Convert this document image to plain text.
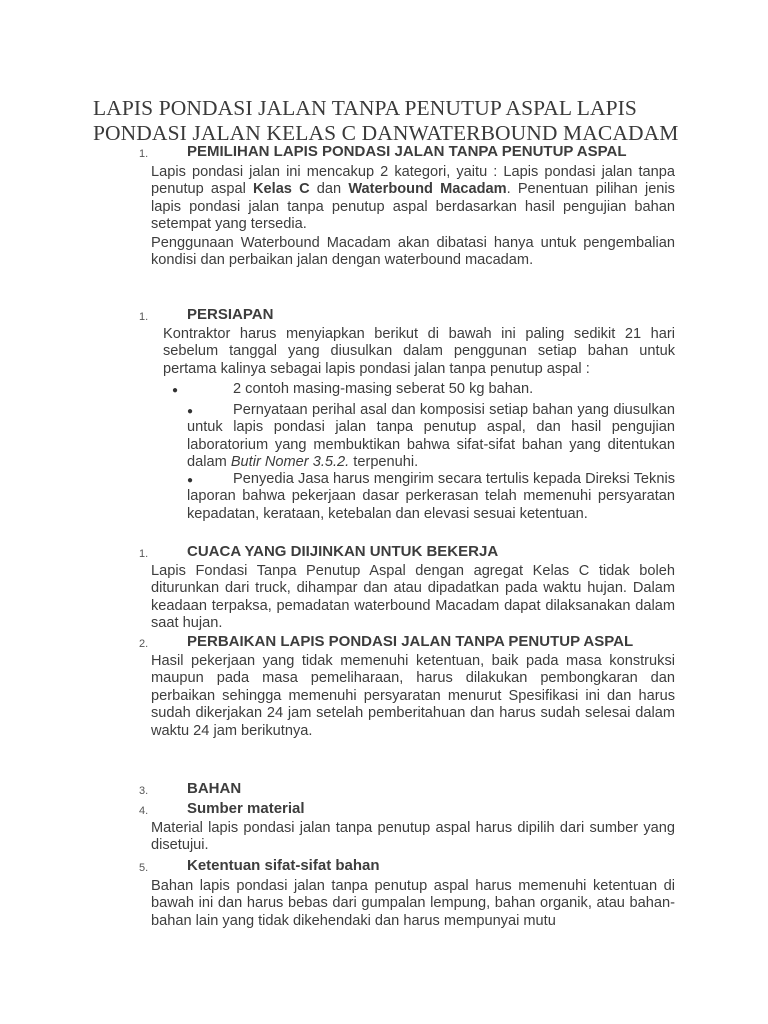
LAPIS PONDASI JALAN TANPA PENUTUP ASPAL LAPIS PONDASI JALAN KELAS C DANWATERBOUND MACADAM
1.	PEMILIHAN LAPIS PONDASI JALAN TANPA PENUTUP ASPAL

Lapis pondasi jalan ini mencakup 2 kategori, yaitu : Lapis pondasi jalan tanpa penutup aspal Kelas C dan Waterbound Macadam. Penentuan pilihan jenis lapis pondasi jalan tanpa penutup aspal berdasarkan hasil pengujian bahan setempat yang tersedia.

Penggunaan Waterbound Macadam akan dibatasi hanya untuk pengembalian kondisi dan perbaikan jalan dengan waterbound macadam.

1.	PERSIAPAN

Kontraktor harus menyiapkan berikut di bawah ini paling sedikit 21 hari sebelum tanggal yang diusulkan dalam penggunan setiap bahan untuk pertama kalinya sebagai lapis pondasi jalan tanpa penutup aspal :

●	2 contoh masing-masing seberat 50 kg bahan.

●	Pernyataan perihal asal dan komposisi setiap bahan yang diusulkan untuk lapis pondasi jalan tanpa penutup aspal, dan hasil pengujian laboratorium yang membuktikan bahwa sifat-sifat bahan yang ditentukan dalam Butir Nomer 3.5.2. terpenuhi.

●	Penyedia Jasa harus mengirim secara tertulis kepada Direksi Teknis laporan bahwa pekerjaan dasar perkerasan telah memenuhi persyaratan kepadatan, kerataan, ketebalan dan elevasi sesuai ketentuan.

1.	CUACA YANG DIIJINKAN UNTUK BEKERJA

Lapis Fondasi Tanpa Penutup Aspal dengan agregat Kelas C tidak boleh diturunkan dari truck, dihampar dan atau dipadatkan pada waktu hujan. Dalam keadaan terpaksa, pemadatan waterbound Macadam dapat dilaksanakan dalam saat hujan.

2.	PERBAIKAN LAPIS PONDASI JALAN TANPA PENUTUP ASPAL

Hasil pekerjaan yang tidak memenuhi ketentuan, baik pada masa konstruksi maupun pada masa pemeliharaan, harus dilakukan pembongkaran dan perbaikan sehingga memenuhi persyaratan menurut Spesifikasi ini dan harus sudah dikerjakan 24 jam setelah pemberitahuan dan harus sudah selesai dalam waktu 24 jam berikutnya.

3.	BAHAN
4.	Sumber material

Material lapis pondasi jalan tanpa penutup aspal harus dipilih dari sumber yang disetujui.

5.	Ketentuan sifat-sifat bahan

Bahan lapis pondasi jalan tanpa penutup aspal harus memenuhi ketentuan di bawah ini dan harus bebas dari gumpalan lempung, bahan organik, atau bahan-bahan lain yang tidak dikehendaki dan harus mempunyai mutu
